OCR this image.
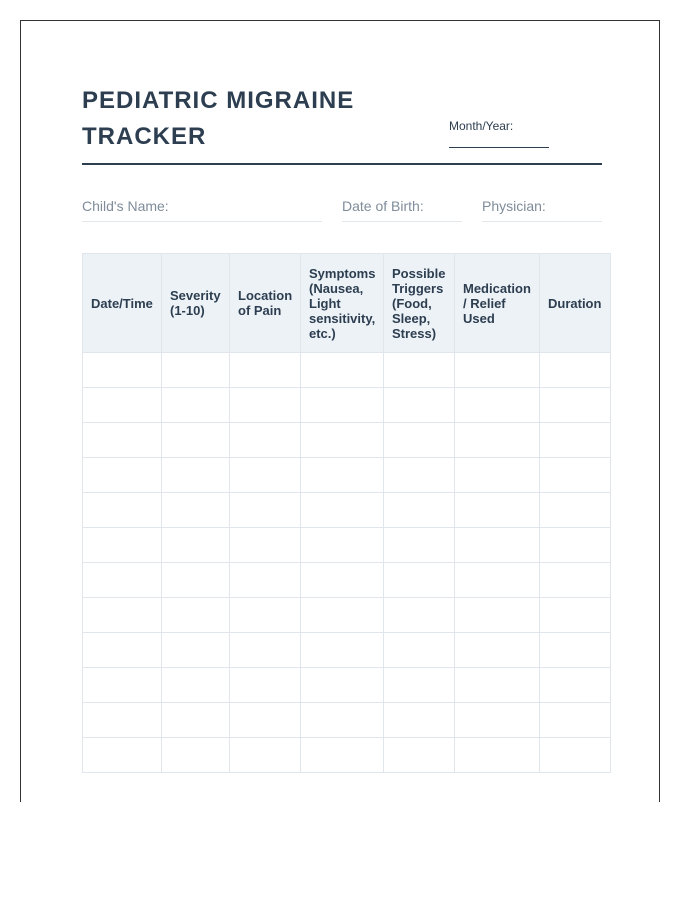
PEDIATRIC MIGRAINE TRACKER	Month/Year:
Child's Name:	Date of Birth:	Physician:
Date/Time	Severity (1-10)	Location of Pain	Symptoms (Nausea, Light sensitivity, etc.)	Possible Triggers (Food, Sleep, Stress)	Medication / Relief Used	Duration
